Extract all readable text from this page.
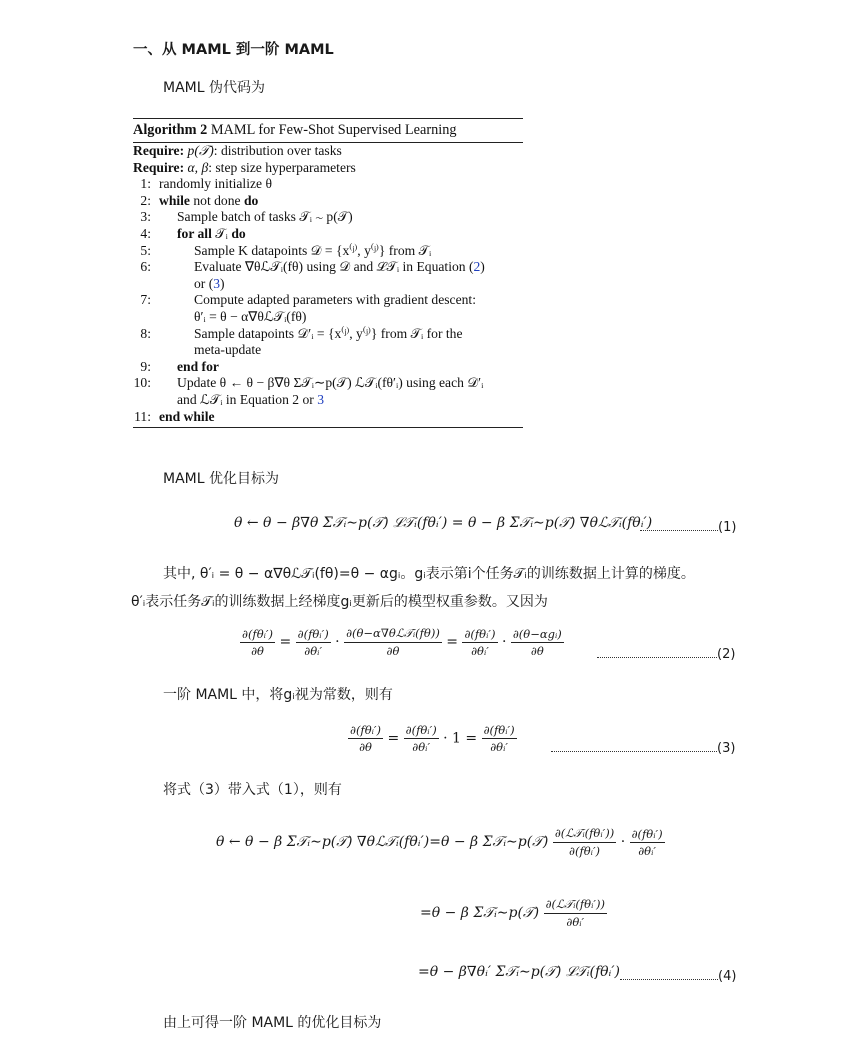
一、从 MAML 到一阶 MAML
MAML 伪代码为
Algorithm 2 MAML for Few-Shot Supervised Learning
Require: p(𝒯): distribution over tasks
Require: α, β: step size hyperparameters
1: randomly initialize θ
2: while not done do
3: Sample batch of tasks 𝒯ᵢ ∼ p(𝒯)
4: for all 𝒯ᵢ do
5:	Sample K datapoints 𝒟 = {x⁽ʲ⁾, y⁽ʲ⁾} from 𝒯ᵢ
6:	Evaluate ∇θℒ𝒯ᵢ(fθ) using 𝒟 and ℒ𝒯ᵢ in Equation (2)
or (3)
7:	Compute adapted parameters with gradient descent:
θ′ᵢ = θ − α∇θℒ𝒯ᵢ(fθ)
8:	Sample datapoints 𝒟′ᵢ = {x⁽ʲ⁾, y⁽ʲ⁾} from 𝒯ᵢ for the
meta-update
9: end for
10: Update θ ← θ − β∇θ Σ𝒯ᵢ∼p(𝒯) ℒ𝒯ᵢ(fθ′ᵢ) using each 𝒟′ᵢ
and ℒ𝒯ᵢ in Equation 2 or 3
11: end while
MAML 优化目标为
θ ← θ − β∇θ Σ𝒯ᵢ∼p(𝒯) ℒ𝒯ᵢ(fθᵢ′) = θ − β Σ𝒯ᵢ∼p(𝒯) ∇θℒ𝒯ᵢ(fθᵢ′)	(1)
其中, θ′ᵢ = θ − α∇θℒ𝒯ᵢ(fθ)=θ − αgᵢ。gᵢ表示第i个任务𝒯ᵢ的训练数据上计算的梯度。
θ′ᵢ表示任务𝒯ᵢ的训练数据上经梯度gᵢ更新后的模型权重参数。又因为
$\frac{\text{∂(fθᵢ′)}}{\partial\theta} = \frac{\text{∂(fθᵢ′)}}{\text{∂θᵢ′}} \cdot \frac{\text{∂(θ−α∇θℒ𝒯ᵢ(fθ))}}{\partial\theta} = \frac{\text{∂(fθᵢ′)}}{\text{∂θᵢ′}} \cdot \frac{\text{∂(θ−αgᵢ)}}{\partial\theta}$	(2)
一阶 MAML 中，将gᵢ视为常数，则有
$\frac{\text{∂(fθᵢ′)}}{\partial\theta} = \frac{\text{∂(fθᵢ′)}}{\text{∂θᵢ′}} \cdot 1 = \frac{\text{∂(fθᵢ′)}}{\text{∂θᵢ′}}$	(3)
将式（3）带入式（1），则有
θ ← θ − β Σ𝒯ᵢ∼p(𝒯) ∇θℒ𝒯ᵢ(fθᵢ′)=θ − β Σ𝒯ᵢ∼p(𝒯) $\frac{\text{∂(ℒ𝒯ᵢ(fθᵢ′))}}{\text{∂(fθᵢ′)}} \cdot \frac{\text{∂(fθᵢ′)}}{\text{∂θᵢ′}}$
=θ − β Σ𝒯ᵢ∼p(𝒯) $\frac{\text{∂(ℒ𝒯ᵢ(fθᵢ′))}}{\text{∂θᵢ′}}$
=θ − β∇θᵢ′ Σ𝒯ᵢ∼p(𝒯) ℒ𝒯ᵢ(fθᵢ′)	(4)
由上可得一阶 MAML 的优化目标为
